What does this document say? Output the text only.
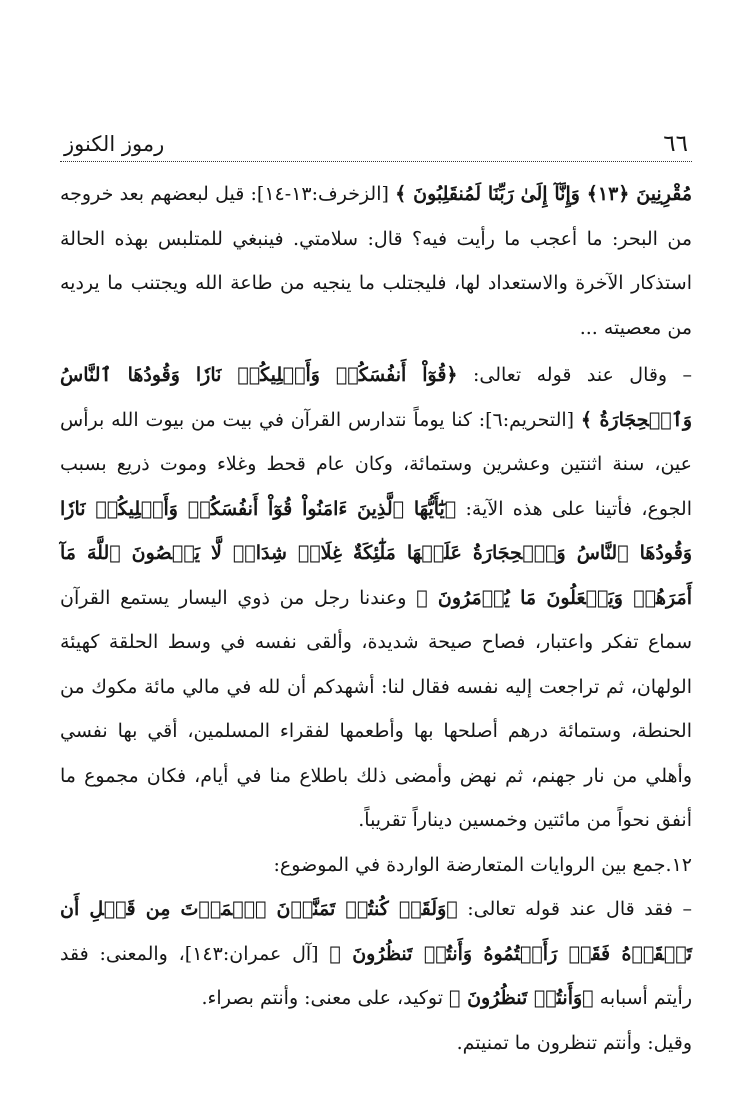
٦٦
رموز الكنوز

مُقْرِنِينَ ﴿١٣﴾ وَإِنَّآ إِلَىٰ رَبِّنَا لَمُنقَلِبُونَ ﴾ [الزخرف:١٣-١٤]: قيل لبعضهم بعد خروجه من البحر: ما أعجب ما رأيت فيه؟ قال: سلامتي. فينبغي للمتلبس بهذه الحالة استذكار الآخرة والاستعداد لها، فليجتلب ما ينجيه من طاعة الله ويجتنب ما يرديه من معصيته ...

– وقال عند قوله تعالى: ﴿قُوٓاْ أَنفُسَكُمۡ وَأَهۡلِيكُمۡ نَارٗا وَقُودُهَا ٱلنَّاسُ وَٱلۡحِجَارَةُ ﴾ [التحريم:٦]: كنا يوماً نتدارس القرآن في بيت من بيوت الله برأس عين، سنة اثنتين وعشرين وستمائة، وكان عام قحط وغلاء وموت ذريع بسبب الجوع، فأتينا على هذه الآية: ﴿يَٰٓأَيُّهَا ٱلَّذِينَ ءَامَنُواْ قُوٓاْ أَنفُسَكُمۡ وَأَهۡلِيكُمۡ نَارٗا وَقُودُهَا ٱلنَّاسُ وَٱلۡحِجَارَةُ عَلَيۡهَا مَلَٰٓئِكَةٌ غِلَاظٞ شِدَادٞ لَّا يَعۡصُونَ ٱللَّهَ مَآ أَمَرَهُمۡ وَيَفۡعَلُونَ مَا يُؤۡمَرُونَ ﴾ وعندنا رجل من ذوي اليسار يستمع القرآن سماع تفكر واعتبار، فصاح صيحة شديدة، وألقى نفسه في وسط الحلقة كهيئة الولهان، ثم تراجعت إليه نفسه فقال لنا: أشهدكم أن لله في مالي مائة مكوك من الحنطة، وستمائة درهم أصلحها بها وأطعمها لفقراء المسلمين، أقي بها نفسي وأهلي من نار جهنم، ثم نهض وأمضى ذلك باطلاع منا في أيام، فكان مجموع ما أنفق نحواً من مائتين وخمسين ديناراً تقريباً.

١٢.جمع بين الروايات المتعارضة الواردة في الموضوع:

– فقد قال عند قوله تعالى: ﴿وَلَقَدۡ كُنتُمۡ تَمَنَّوۡنَ ٱلۡمَوۡتَ مِن قَبۡلِ أَن تَلۡقَوۡهُ فَقَدۡ رَأَيۡتُمُوهُ وَأَنتُمۡ تَنظُرُونَ ﴾ [آل عمران:١٤٣]، والمعنى: فقد رأيتم أسبابه ﴿وَأَنتُمۡ تَنظُرُونَ ﴾ توكيد، على معنى: وأنتم بصراء.

وقيل: وأنتم تنظرون ما تمنيتم.
